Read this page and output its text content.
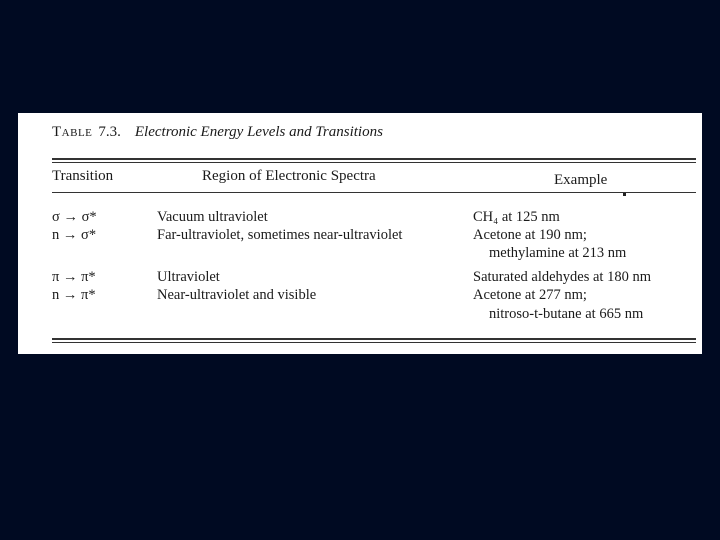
Table 7.3. Electronic Energy Levels and Transitions
Transition	Region of Electronic Spectra	Example
σ → σ*	Vacuum ultraviolet	CH₄ at 125 nm
n → σ*	Far-ultraviolet, sometimes near-ultraviolet	Acetone at 190 nm;
methylamine at 213 nm
π → π*	Ultraviolet	Saturated aldehydes at 180 nm
n → π*	Near-ultraviolet and visible	Acetone at 277 nm;
nitroso-t-butane at 665 nm
